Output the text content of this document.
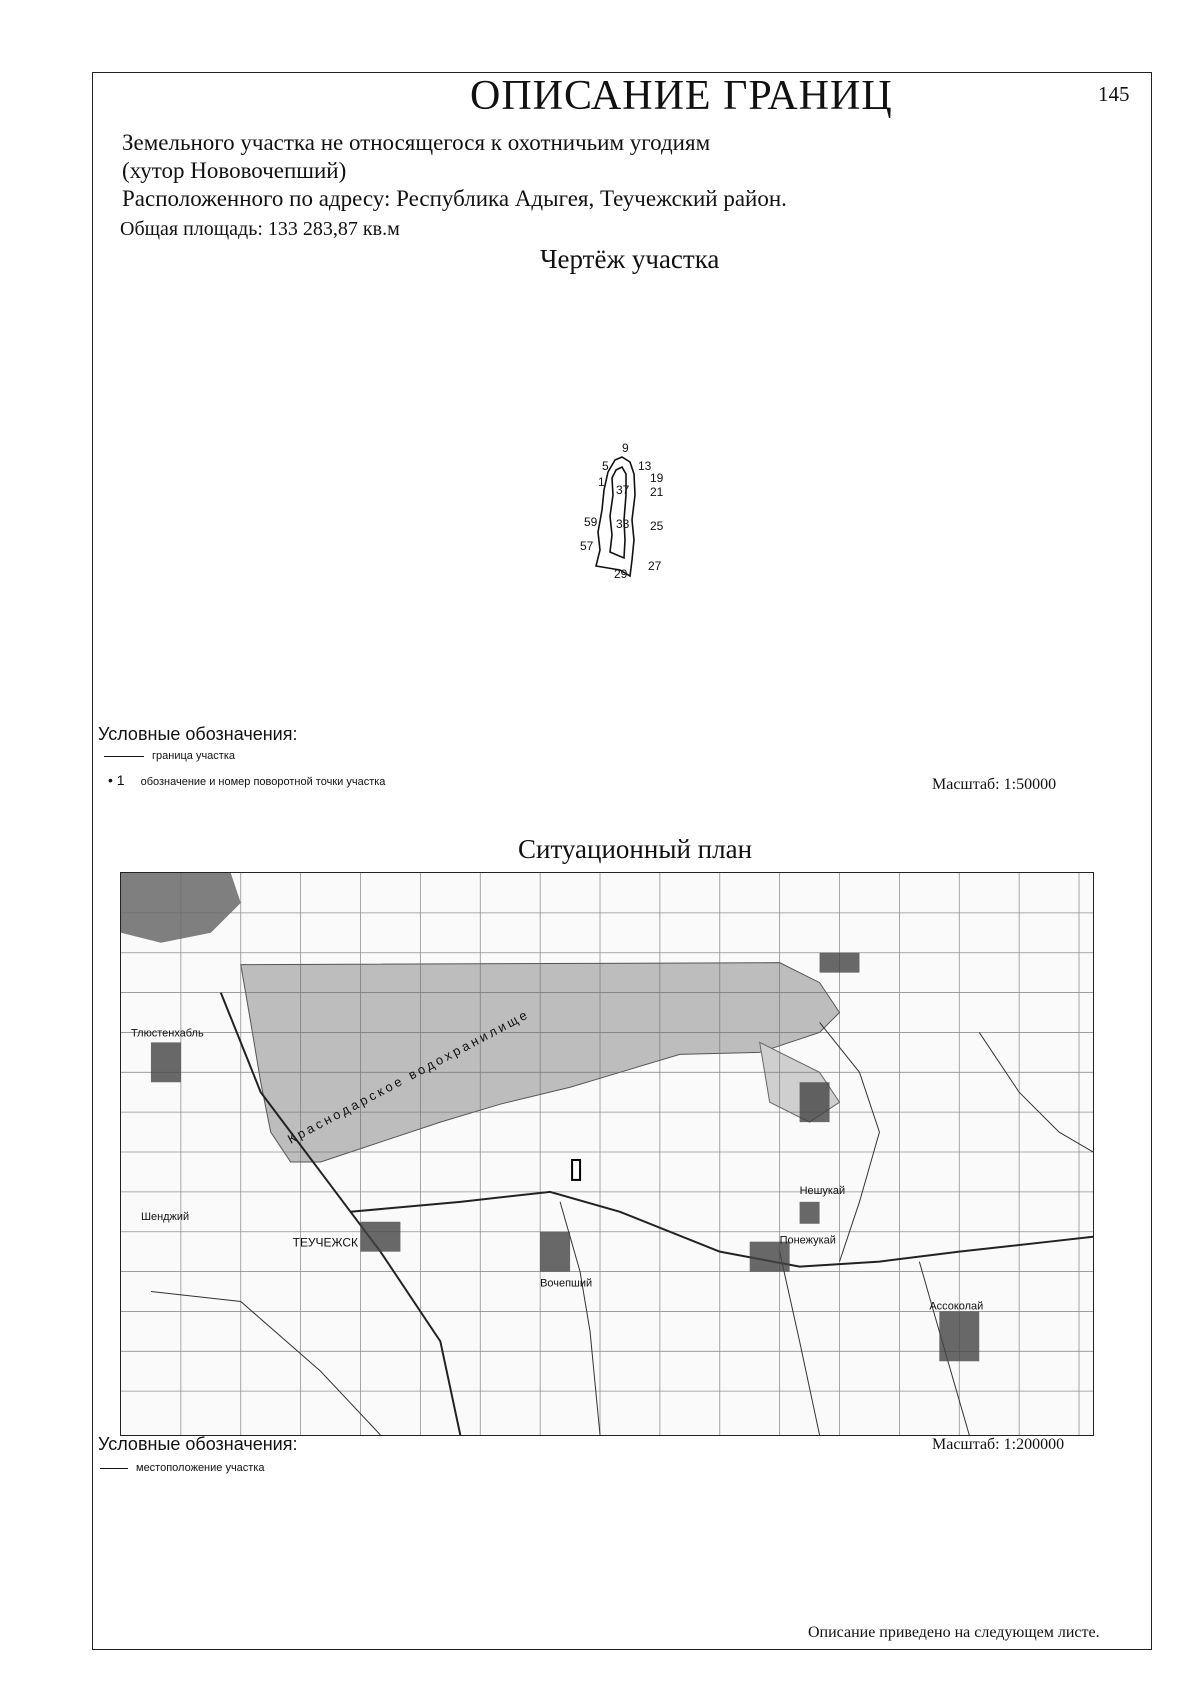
ОПИСАНИЕ ГРАНИЦ	145
Земельного участка не относящегося к охотничьим угодиям
(хутор Нововочепший)
Расположенного по адресу: Республика Адыгея, Теучежский район.
Общая площадь: 133 283,87 кв.м
Чертёж участка
9
5 13
1	19
37 21
59 33 25
57
29
27
Условные обозначения:
граница участка
• 1 обозначение и номер поворотной точки участка	Масштаб: 1:50000
Ситуационный план
ТЕУЧЕЖСК
Вочепший
Понежукай
Нешукай
Ассоколай
Шенджий
Тлюстенхабль	Краснодарское водохранилище
Условные обозначения:	Масштаб: 1:200000
местоположение участка
Описание приведено на следующем листе.
